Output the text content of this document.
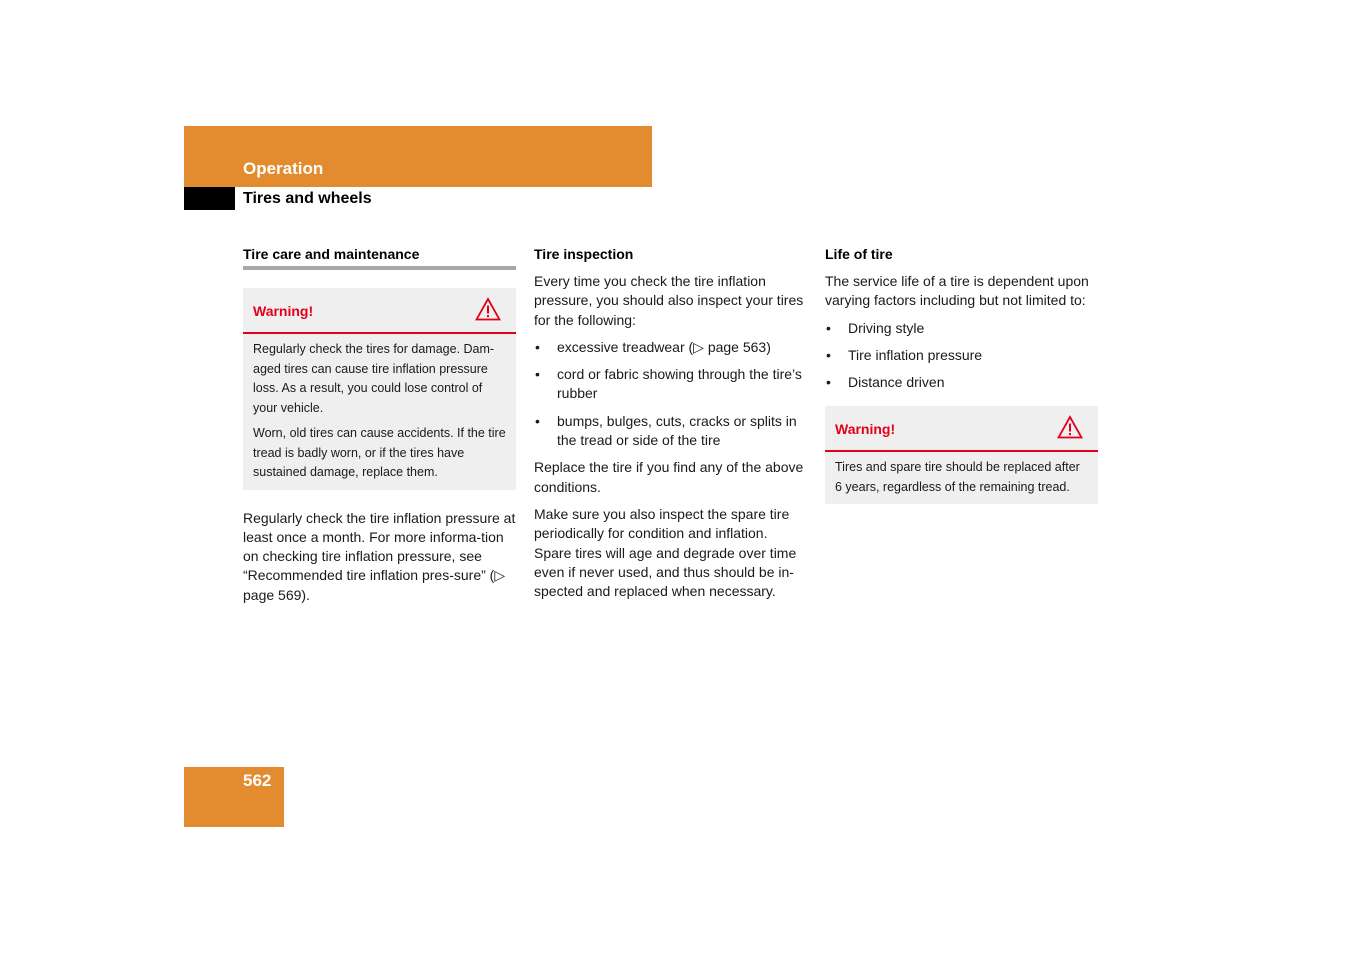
Operation
Tires and wheels
Tire care and maintenance
Warning!

Regularly check the tires for damage. Dam-aged tires can cause tire inflation pressure loss. As a result, you could lose control of your vehicle.

Worn, old tires can cause accidents. If the tire tread is badly worn, or if the tires have sustained damage, replace them.

Regularly check the tire inflation pressure at least once a month. For more informa-tion on checking tire inflation pressure, see “Recommended tire inflation pres-sure” (▷ page 569).

Tire inspection

Every time you check the tire inflation pressure, you should also inspect your tires for the following:

• excessive treadwear (▷ page 563)
• cord or fabric showing through the tire’s rubber
• bumps, bulges, cuts, cracks or splits in the tread or side of the tire

Replace the tire if you find any of the above conditions.

Make sure you also inspect the spare tire periodically for condition and inflation. Spare tires will age and degrade over time even if never used, and thus should be in-spected and replaced when necessary.

Life of tire

The service life of a tire is dependent upon varying factors including but not limited to:

• Driving style
• Tire inflation pressure
• Distance driven
Warning!

Tires and spare tire should be replaced after 6 years, regardless of the remaining tread.

562
